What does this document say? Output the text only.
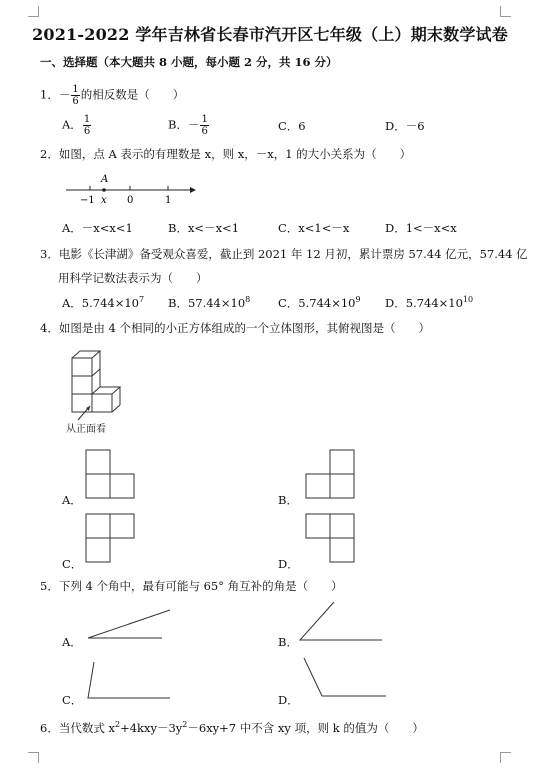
2021-2022 学年吉林省长春市汽开区七年级（上）期末数学试卷
一、选择题（本大题共 8 小题，每小题 2 分，共 16 分）
1．－ $\frac{1}{6}$ 的相反数是（　　）
A． $\frac{1}{6}$	B．－ $\frac{1}{6}$	C．6	D．－6
2．如图，点 A 表示的有理数是 x，则 x，－x，1 的大小关系为（　　）
A
−1 x 0	1
A．－x<x<1	B．x<－x<1	C．x<1<－x	D．1<－x<x
3．电影《长津湖》备受观众喜爱，截止到 2021 年 12 月初，累计票房 57.44 亿元，57.44 亿
用科学记数法表示为（　　）
A．$5.744\times 10^7$ B．$57.44\times 10^8$ C．$5.744\times 10^9$ D．$5.744\times 10^{10}$
4．如图是由 4 个相同的小正方体组成的一个立体图形，其俯视图是（　　）
从正面看
A．	B．
C．	D．
5．下列 4 个角中，最有可能与 65° 角互补的角是（　　）
A．	B．
C．	D．
6．当代数式 $x^2+4kxy-3y^2-6xy+7$ 中不含 xy 项，则 k 的值为（　　）
